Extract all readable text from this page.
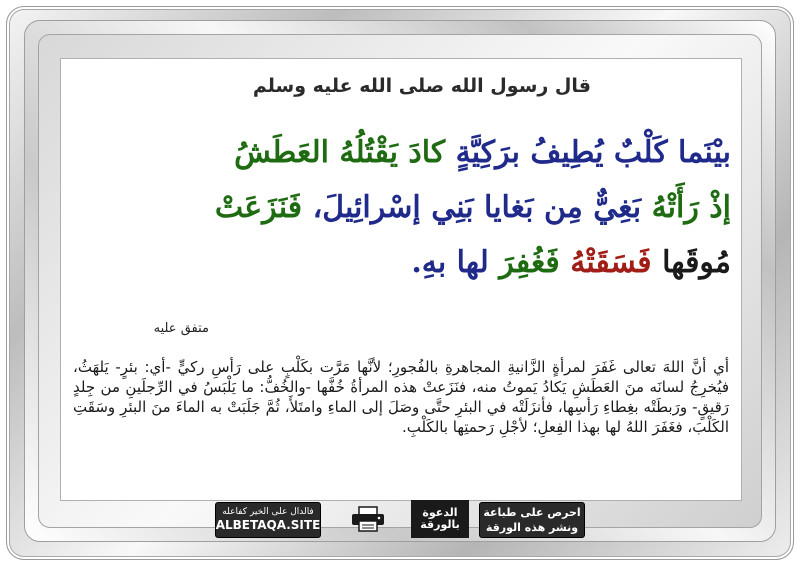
قال رسول الله صلى الله عليه وسلم
بيْنَما كَلْبٌ يُطِيفُ برَكِيَّةٍ كادَ يَقْتُلُهُ العَطَشُ
إذْ رَأَتْهُ بَغِيٌّ مِن بَغايا بَنِي إسْرائِيلَ، فَنَزَعَتْ
مُوقَها فَسَقَتْهُ فَغُفِرَ لها بهِ.
متفق عليه
أي أنَّ اللهَ تعالى غَفَرَ لمرأةٍ الزَّانيةِ المجاهرةِ بالفُجورِ؛ لأنَّها مَرَّت بكَلْبٍ على رَأسِ ركيٍّ -أي: بئرٍ- يَلهَثُ، فيُخرِجُ لسانَه منَ العَطَشِ يَكادُ يَموتُ منه، فنَزَعتْ هذه المرأةُ خُفَّها -والخُفُّ: ما يَلْبَسُ في الرِّجلَينِ من جِلدٍ رَقيقٍ- ورَبطَتْه بغِطاءِ رَأسِها، فأنزَلَتْه في البئرِ حتَّى وصَلَ إلى الماءِ وامتَلأَ، ثُمَّ جَلَبَتْ به الماءَ منَ البئرِ وسَقَتِ الكَلْبَ، فغَفَرَ اللهُ لها بهذا الفِعلِ؛ لأجْلِ رَحمتِها بالكَلْبِ.
فالدال على الخير كفاعله
ALBETAQA.SITE
الدعوة
بالورقة
احرص على طباعة
ونشر هذه الورقة
